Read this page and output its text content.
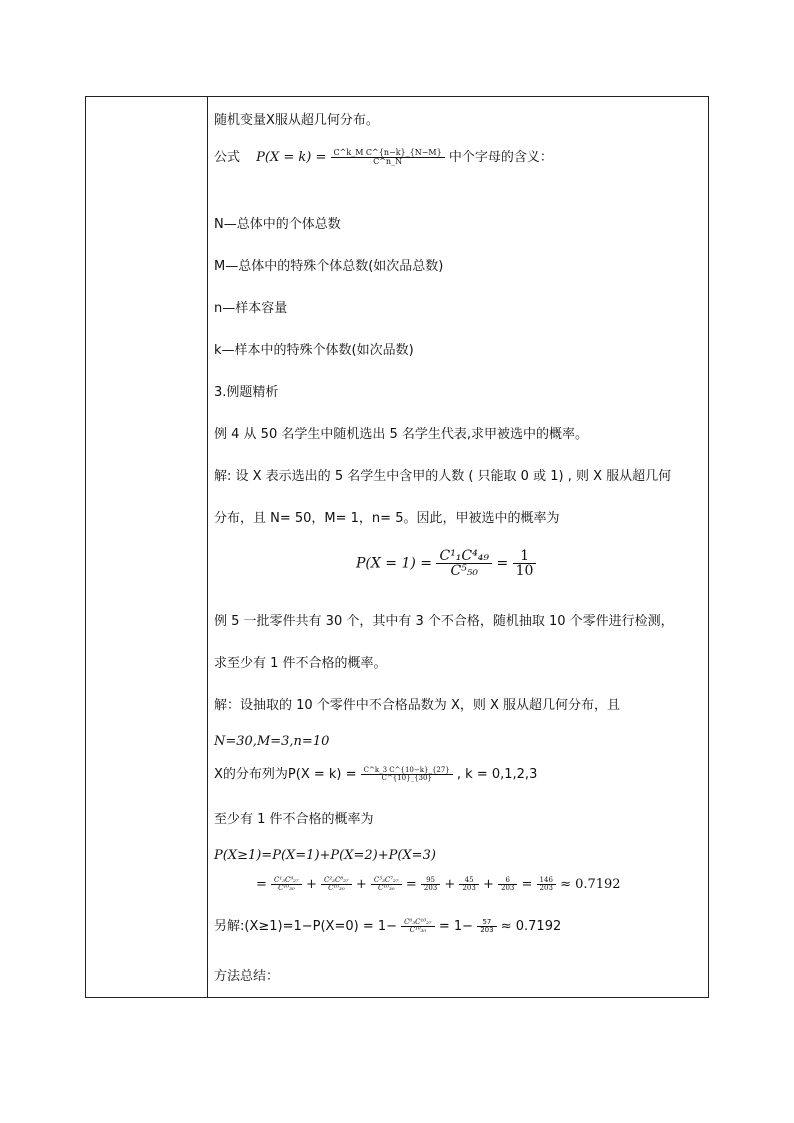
随机变量X服从超几何分布。
公式 $P(X = k) = \frac{\text{C\textasciicircum{}k\_M C\textasciicircum{}\{n−k\}\_\{N−M\}}}{C\^{}n\_N}$ 中个字母的含义：
N—总体中的个体总数
M—总体中的特殊个体总数(如次品总数)
n—样本容量
k—样本中的特殊个体数(如次品数)
3.例题精析
例 4 从 50 名学生中随机选出 5 名学生代表,求甲被选中的概率。
解: 设 X 表示选出的 5 名学生中含甲的人数 ( 只能取 0 或 1) , 则 X 服从超几何
分布，且 N= 50，M= 1，n= 5。因此，甲被选中的概率为
$P(X = 1) = \frac{\text{C¹₁C⁴₄₉}}{\text{C⁵₅₀}} = \frac{1}{10}$
例 5 一批零件共有 30 个，其中有 3 个不合格，随机抽取 10 个零件进行检测，
求至少有 1 件不合格的概率。
解：设抽取的 10 个零件中不合格品数为 X，则 X 服从超几何分布，且
N=30,M=3,n=10
X的分布列为$P(X = k) = \frac{C\^{}k\_3 C\^{}\{10-k\}\_\{27\}}{C\^{}\{10\}\_\{30\}}$ , k = 0,1,2,3
至少有 1 件不合格的概率为
P(X≥1)=P(X=1)+P(X=2)+P(X=3)
= $\frac{\text{C¹₃C⁹₂₇}}{\text{C¹⁰₃₀}} + \frac{\text{C²₃C⁸₂₇}}{\text{C¹⁰₃₀}} + \frac{\text{C³₃C⁷₂₇}}{\text{C¹⁰₃₀}} = \frac{95}{203} + \frac{45}{203} + \frac{6}{203} = \frac{146}{203} \approx 0.7192$
另解:(X≥1)=1−P(X=0) = $1- \frac{\text{C⁰₃C¹⁰₂₇}}{\text{C¹⁰₃₀}} = 1- \frac{57}{203} \approx 0.7192$
方法总结：
